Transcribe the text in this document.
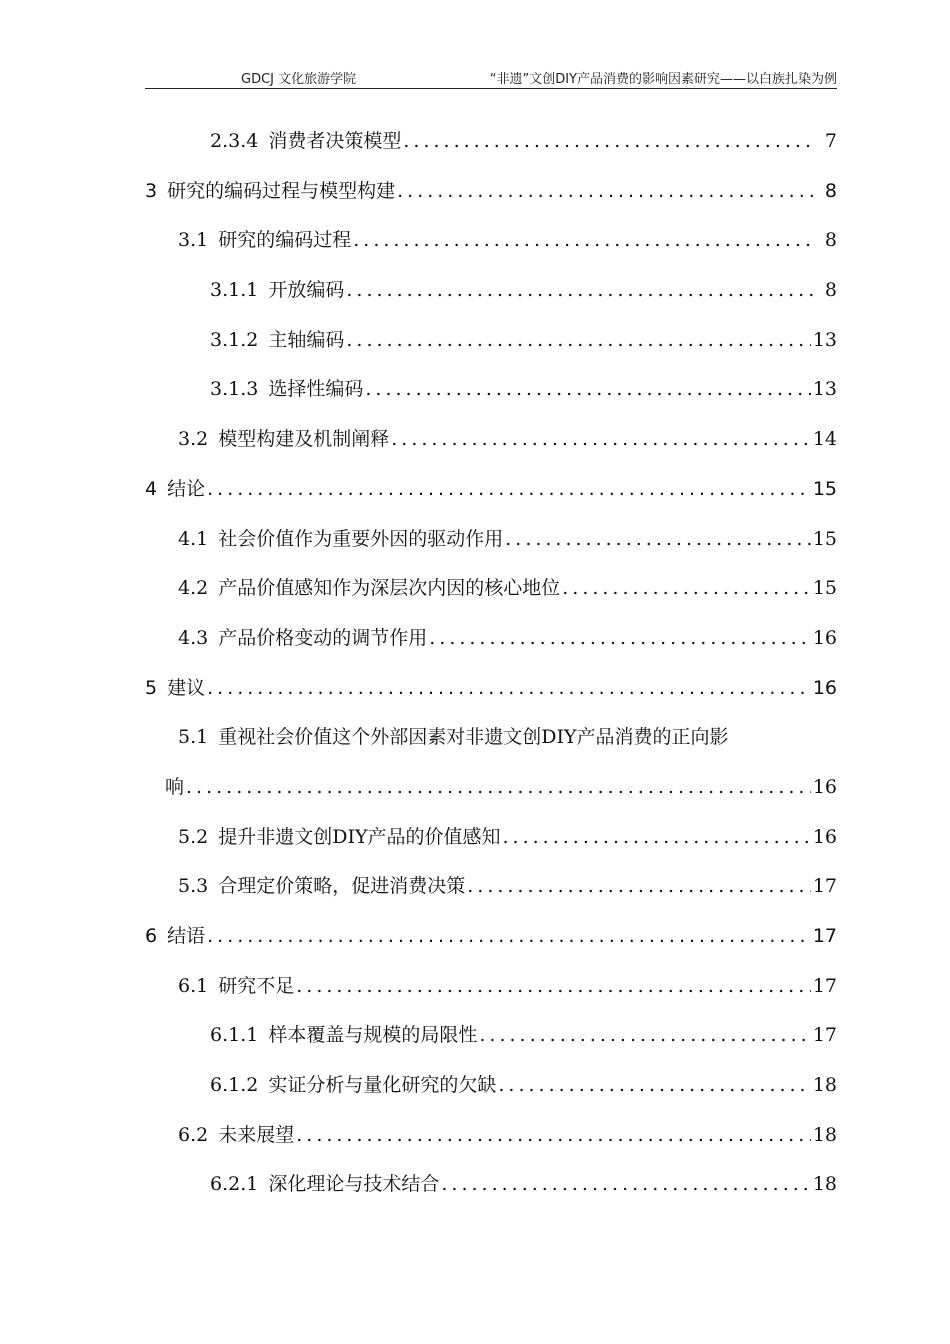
GDCJ 文化旅游学院	“非遗”文创DIY产品消费的影响因素研究——以白族扎染为例
2.3.4 消费者决策模型 .....	7
3 研究的编码过程与模型构建 .....	8
3.1 研究的编码过程 .....	8
3.1.1 开放编码 .....	8
3.1.2 主轴编码 .....	13
3.1.3 选择性编码 .....	13
3.2 模型构建及机制阐释 .....	14
4 结论 .....	15
4.1 社会价值作为重要外因的驱动作用 .....	15
4.2 产品价值感知作为深层次内因的核心地位 .....	15
4.3 产品价格变动的调节作用 .....	16
5 建议 .....	16
5.1 重视社会价值这个外部因素对非遗文创DIY产品消费的正向影
响 .....	16
5.2 提升非遗文创DIY产品的价值感知 .....	16
5.3 合理定价策略，促进消费决策 .....	17
6 结语 .....	17
6.1 研究不足 .....	17
6.1.1 样本覆盖与规模的局限性 .....	17
6.1.2 实证分析与量化研究的欠缺 .....	18
6.2 未来展望 .....	18
6.2.1 深化理论与技术结合 .....	18
